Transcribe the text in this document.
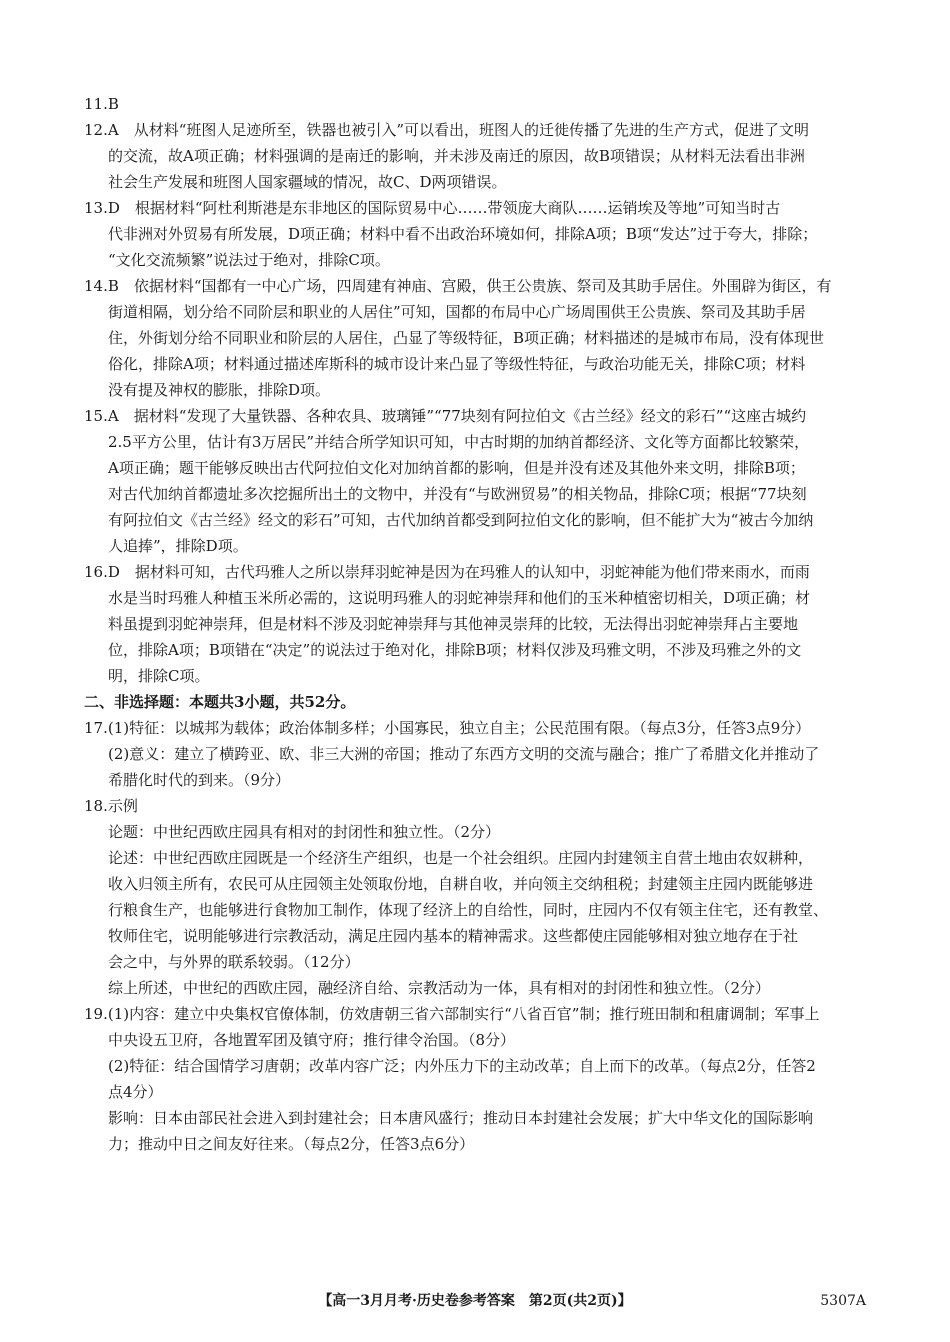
11.B
12.A　从材料“班图人足迹所至，铁器也被引入”可以看出，班图人的迁徙传播了先进的生产方式，促进了文明
的交流，故A项正确；材料强调的是南迁的影响，并未涉及南迁的原因，故B项错误；从材料无法看出非洲
社会生产发展和班图人国家疆域的情况，故C、D两项错误。
13.D　根据材料“阿杜利斯港是东非地区的国际贸易中心……带领庞大商队……运销埃及等地”可知当时古
代非洲对外贸易有所发展，D项正确；材料中看不出政治环境如何，排除A项；B项“发达”过于夸大，排除；
“文化交流频繁”说法过于绝对，排除C项。
14.B　依据材料“国都有一中心广场，四周建有神庙、宫殿，供王公贵族、祭司及其助手居住。外围辟为街区，有
街道相隔，划分给不同阶层和职业的人居住”可知，国都的布局中心广场周围供王公贵族、祭司及其助手居
住，外街划分给不同职业和阶层的人居住，凸显了等级特征，B项正确；材料描述的是城市布局，没有体现世
俗化，排除A项；材料通过描述库斯科的城市设计来凸显了等级性特征，与政治功能无关，排除C项；材料
没有提及神权的膨胀，排除D项。
15.A　据材料“发现了大量铁器、各种农具、玻璃锤”“77块刻有阿拉伯文《古兰经》经文的彩石”“这座古城约
2.5平方公里，估计有3万居民”并结合所学知识可知，中古时期的加纳首都经济、文化等方面都比较繁荣，
A项正确；题干能够反映出古代阿拉伯文化对加纳首都的影响，但是并没有述及其他外来文明，排除B项；
对古代加纳首都遗址多次挖掘所出土的文物中，并没有“与欧洲贸易”的相关物品，排除C项；根据“77块刻
有阿拉伯文《古兰经》经文的彩石”可知，古代加纳首都受到阿拉伯文化的影响，但不能扩大为“被古今加纳
人追捧”，排除D项。
16.D　据材料可知，古代玛雅人之所以崇拜羽蛇神是因为在玛雅人的认知中，羽蛇神能为他们带来雨水，而雨
水是当时玛雅人种植玉米所必需的，这说明玛雅人的羽蛇神崇拜和他们的玉米种植密切相关，D项正确；材
料虽提到羽蛇神崇拜，但是材料不涉及羽蛇神崇拜与其他神灵崇拜的比较，无法得出羽蛇神崇拜占主要地
位，排除A项；B项错在“决定”的说法过于绝对化，排除B项；材料仅涉及玛雅文明，不涉及玛雅之外的文
明，排除C项。
二、非选择题：本题共3小题，共52分。
17.(1)特征：以城邦为载体；政治体制多样；小国寡民，独立自主；公民范围有限。（每点3分，任答3点9分）
(2)意义：建立了横跨亚、欧、非三大洲的帝国；推动了东西方文明的交流与融合；推广了希腊文化并推动了
希腊化时代的到来。（9分）
18.示例
论题：中世纪西欧庄园具有相对的封闭性和独立性。（2分）
论述：中世纪西欧庄园既是一个经济生产组织，也是一个社会组织。庄园内封建领主自营土地由农奴耕种，
收入归领主所有，农民可从庄园领主处领取份地，自耕自收，并向领主交纳租税；封建领主庄园内既能够进
行粮食生产，也能够进行食物加工制作，体现了经济上的自给性，同时，庄园内不仅有领主住宅，还有教堂、
牧师住宅，说明能够进行宗教活动，满足庄园内基本的精神需求。这些都使庄园能够相对独立地存在于社
会之中，与外界的联系较弱。（12分）
综上所述，中世纪的西欧庄园，融经济自给、宗教活动为一体，具有相对的封闭性和独立性。（2分）
19.(1)内容：建立中央集权官僚体制，仿效唐朝三省六部制实行“八省百官”制；推行班田制和租庸调制；军事上
中央设五卫府，各地置军团及镇守府；推行律令治国。（8分）
(2)特征：结合国情学习唐朝；改革内容广泛；内外压力下的主动改革；自上而下的改革。（每点2分，任答2
点4分）
影响：日本由部民社会进入到封建社会；日本唐风盛行；推动日本封建社会发展；扩大中华文化的国际影响
力；推动中日之间友好往来。（每点2分，任答3点6分）
【高一3月月考·历史卷参考答案　第2页(共2页)】	5307A
